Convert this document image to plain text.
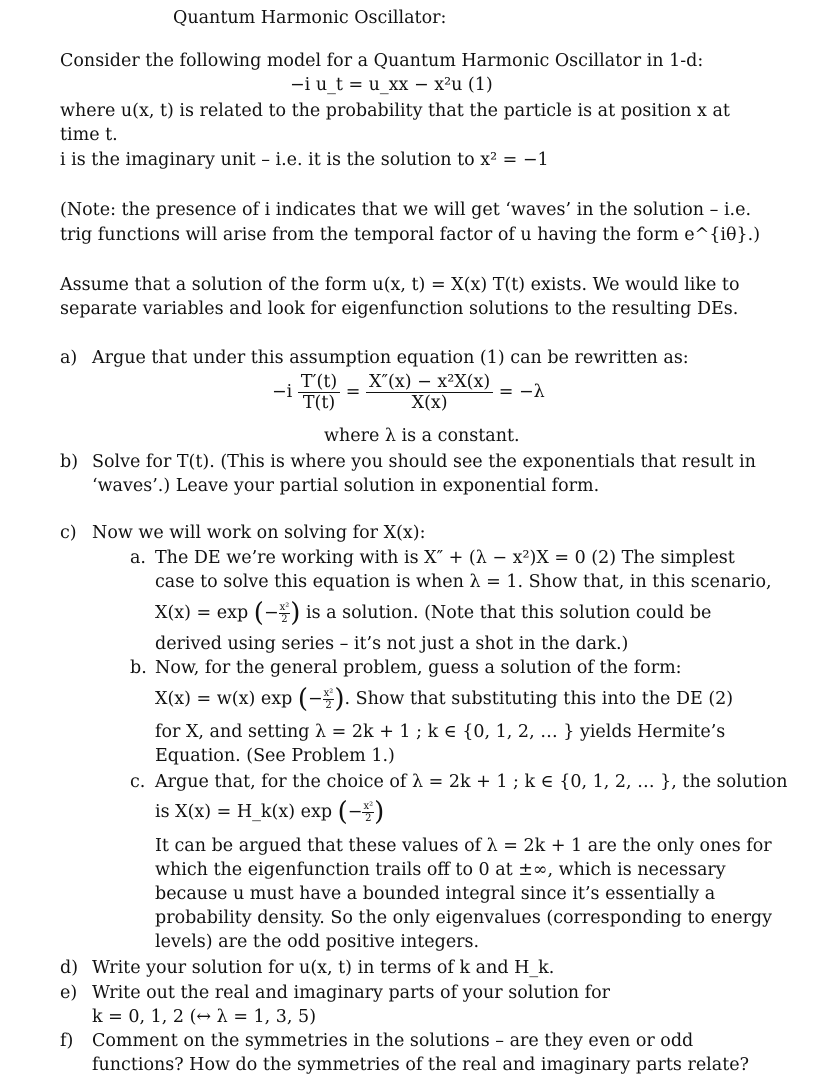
Quantum Harmonic Oscillator:
Consider the following model for a Quantum Harmonic Oscillator in 1-d:
−i u_t = u_xx − x²u (1)
where u(x, t) is related to the probability that the particle is at position x at
time t.
i is the imaginary unit – i.e. it is the solution to x² = −1
(Note: the presence of i indicates that we will get ‘waves’ in the solution – i.e.
trig functions will arise from the temporal factor of u having the form e^{iθ}.)
Assume that a solution of the form u(x, t) = X(x) T(t) exists. We would like to
separate variables and look for eigenfunction solutions to the resulting DEs.
a) Argue that under this assumption equation (1) can be rewritten as:
$-i \frac{T'(t)}{T(t)} = \frac{\text{X″(x) − x²X(x)}}{X(x)} = -\lambda$
where λ is a constant.
b) Solve for T(t). (This is where you should see the exponentials that result in
‘waves’.) Leave your partial solution in exponential form.
c) Now we will work on solving for X(x):
a. The DE we’re working with is X″ + (λ − x²)X = 0 (2) The simplest
case to solve this equation is when λ = 1. Show that, in this scenario,
X(x) = exp (− $\frac{\text{x²}}{2}$ ) is a solution. (Note that this solution could be
derived using series – it’s not just a shot in the dark.)
b. Now, for the general problem, guess a solution of the form:
X(x) = w(x) exp (− $\frac{\text{x²}}{2}$ ). Show that substituting this into the DE (2)
for X, and setting λ = 2k + 1 ; k ∈ {0, 1, 2, … } yields Hermite’s
Equation. (See Problem 1.)
c. Argue that, for the choice of λ = 2k + 1 ; k ∈ {0, 1, 2, … }, the solution
is X(x) = H_k(x) exp (− $\frac{\text{x²}}{2}$ )
It can be argued that these values of λ = 2k + 1 are the only ones for
which the eigenfunction trails off to 0 at ±∞, which is necessary
because u must have a bounded integral since it’s essentially a
probability density. So the only eigenvalues (corresponding to energy
levels) are the odd positive integers.
d) Write your solution for u(x, t) in terms of k and H_k.
e) Write out the real and imaginary parts of your solution for
k = 0, 1, 2 (↔ λ = 1, 3, 5)
f) Comment on the symmetries in the solutions – are they even or odd
functions? How do the symmetries of the real and imaginary parts relate?
